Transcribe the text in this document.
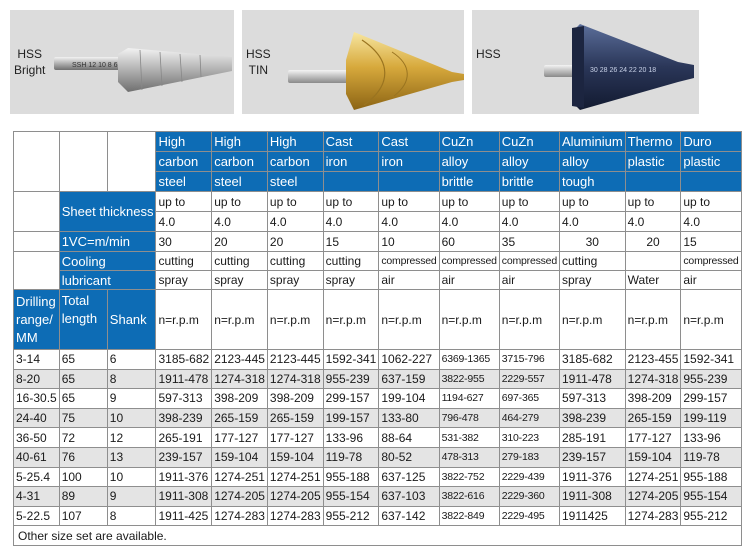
SSH 12 10 8 6
HSS
Bright
HSS
TIN	30 28 26 24 22 20 18
HSS
			High	High	High	Cast	Cast	CuZn	CuZn	Aluminium	Thermo	Duro
			carbon	carbon	carbon	iron	iron	alloy	alloy	alloy	plastic	plastic
			steel	steel	steel			brittle	brittle	tough		
	Sheet thickness		up to	up to	up to	up to	up to	up to	up to	up to	up to	up to
			4.0	4.0	4.0	4.0	4.0	4.0	4.0	4.0	4.0	4.0
	1VC=m/min		30	20	20	15	10	60	35	30	20	15
	Cooling		cutting	cutting	cutting	cutting	compressed	compressed	compressed	cutting		compressed
	lubricant		spray	spray	spray	spray	air	air	air	spray	Water	air
Drilling
range/
MM	Total
length	Shank	n=r.p.m	n=r.p.m	n=r.p.m	n=r.p.m	n=r.p.m	n=r.p.m	n=r.p.m	n=r.p.m	n=r.p.m	n=r.p.m
3-14	65	6	3185-682	2123-445	2123-445	1592-341	1062-227	6369-1365	3715-796	3185-682	2123-455	1592-341
8-20	65	8	1911-478	1274-318	1274-318	955-239	637-159	3822-955	2229-557	1911-478	1274-318	955-239
16-30.5	65	9	597-313	398-209	398-209	299-157	199-104	1194-627	697-365	597-313	398-209	299-157
24-40	75	10	398-239	265-159	265-159	199-157	133-80	796-478	464-279	398-239	265-159	199-119
36-50	72	12	265-191	177-127	177-127	133-96	88-64	531-382	310-223	285-191	177-127	133-96
40-61	76	13	239-157	159-104	159-104	119-78	80-52	478-313	279-183	239-157	159-104	119-78
5-25.4	100	10	1911-376	1274-251	1274-251	955-188	637-125	3822-752	2229-439	1911-376	1274-251	955-188
4-31	89	9	1911-308	1274-205	1274-205	955-154	637-103	3822-616	2229-360	1911-308	1274-205	955-154
5-22.5	107	8	1911-425	1274-283	1274-283	955-212	637-142	3822-849	2229-495	1911425	1274-283	955-212
Other size set are available.												
